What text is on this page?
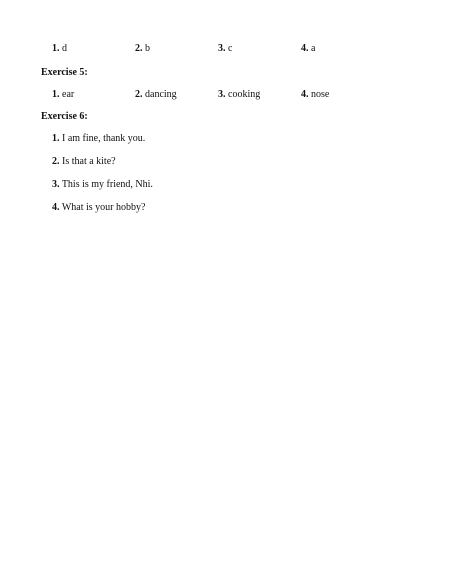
1. d	2. b	3. c	4. a
Exercise 5:
1. ear	2. dancing	3. cooking	4. nose
Exercise 6:
1. I am fine, thank you.
2. Is that a kite?
3. This is my friend, Nhi.
4. What is your hobby?
